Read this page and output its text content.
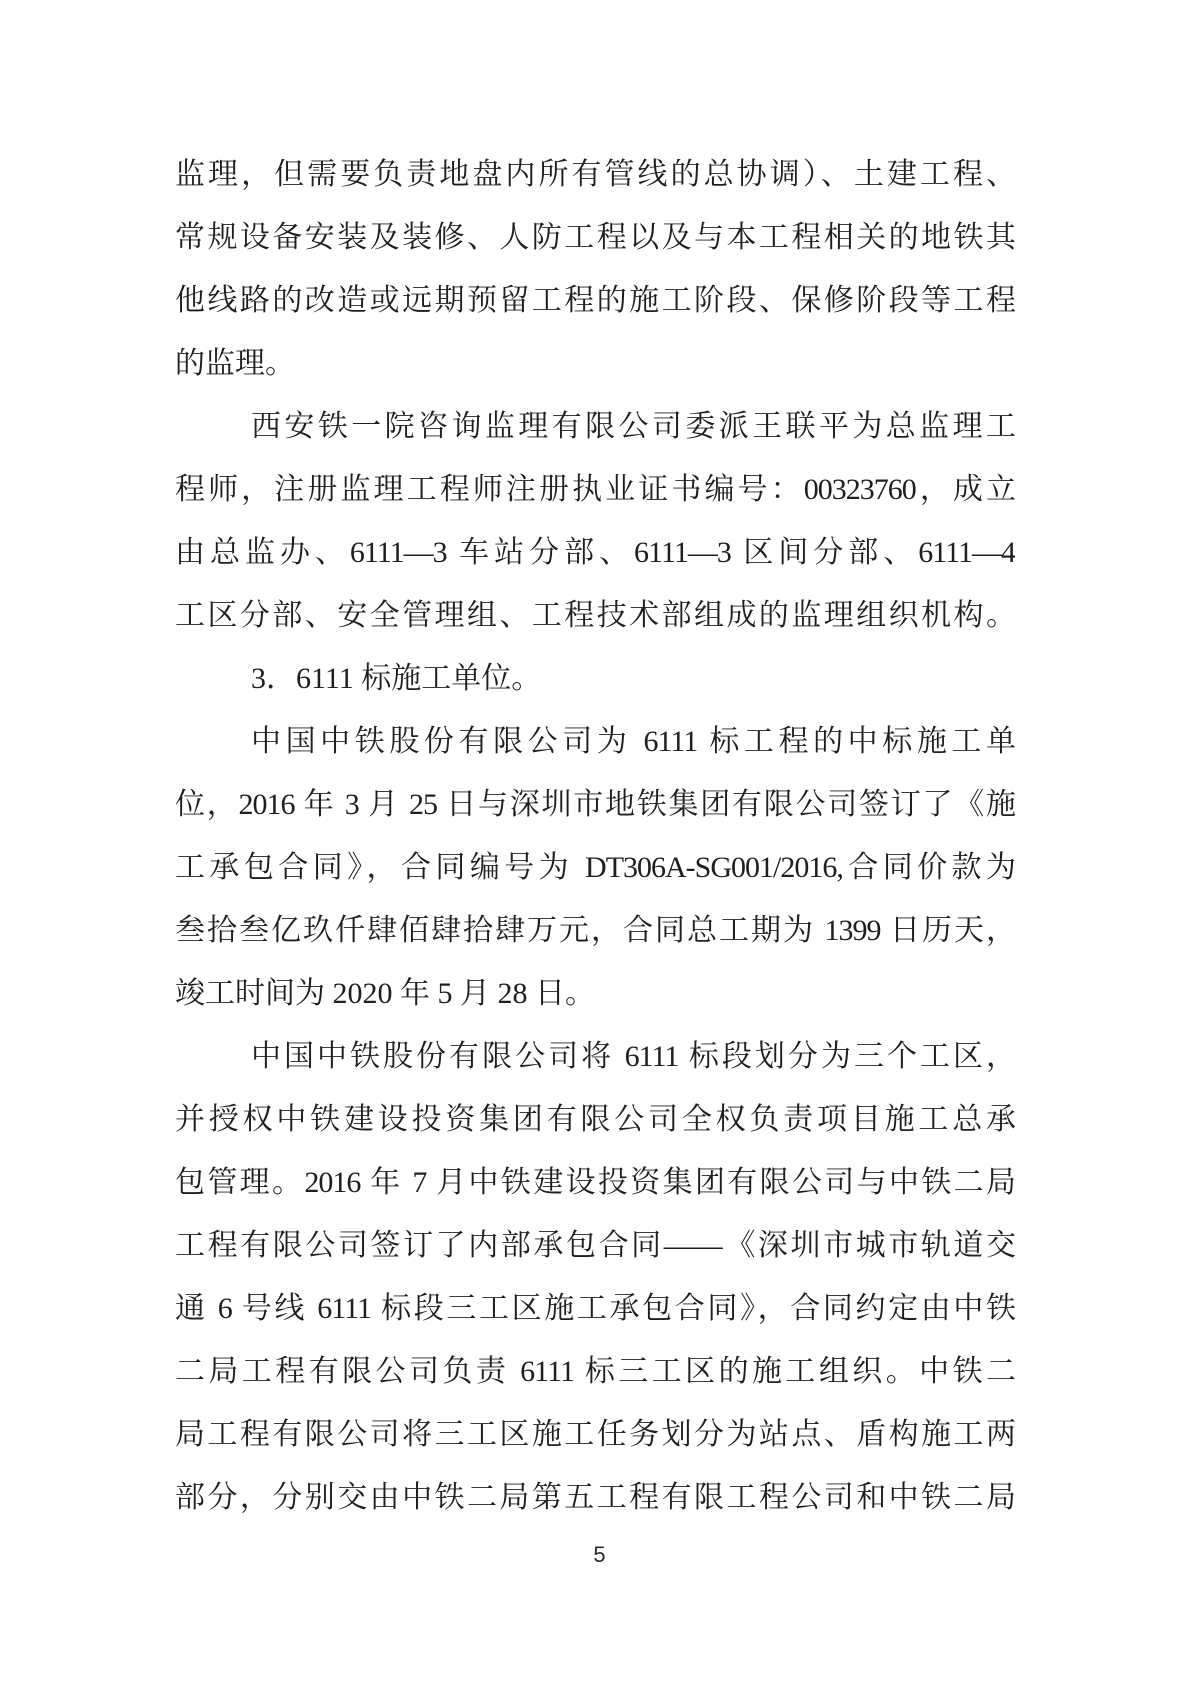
监理，但需要负责地盘内所有管线的总协调）、土建工程、
常规设备安装及装修、人防工程以及与本工程相关的地铁其
他线路的改造或远期预留工程的施工阶段、保修阶段等工程
的监理。
西安铁一院咨询监理有限公司委派王联平为总监理工
程师，注册监理工程师注册执业证书编号：00323760，成立
由总监办、6111—3 车站分部、6111—3 区间分部、6111—4
工区分部、安全管理组、工程技术部组成的监理组织机构。
3．6111 标施工单位。
中国中铁股份有限公司为 6111 标工程的中标施工单
位，2016 年 3 月 25 日与深圳市地铁集团有限公司签订了《施
工承包合同》，合同编号为 DT306A-SG001/2016,合同价款为
叁拾叁亿玖仟肆佰肆拾肆万元，合同总工期为 1399 日历天，
竣工时间为 2020 年 5 月 28 日。
中国中铁股份有限公司将 6111 标段划分为三个工区，
并授权中铁建设投资集团有限公司全权负责项目施工总承
包管理。2016 年 7 月中铁建设投资集团有限公司与中铁二局
工程有限公司签订了内部承包合同——《深圳市城市轨道交
通 6 号线 6111 标段三工区施工承包合同》，合同约定由中铁
二局工程有限公司负责 6111 标三工区的施工组织。中铁二
局工程有限公司将三工区施工任务划分为站点、盾构施工两
部分，分别交由中铁二局第五工程有限工程公司和中铁二局
5
